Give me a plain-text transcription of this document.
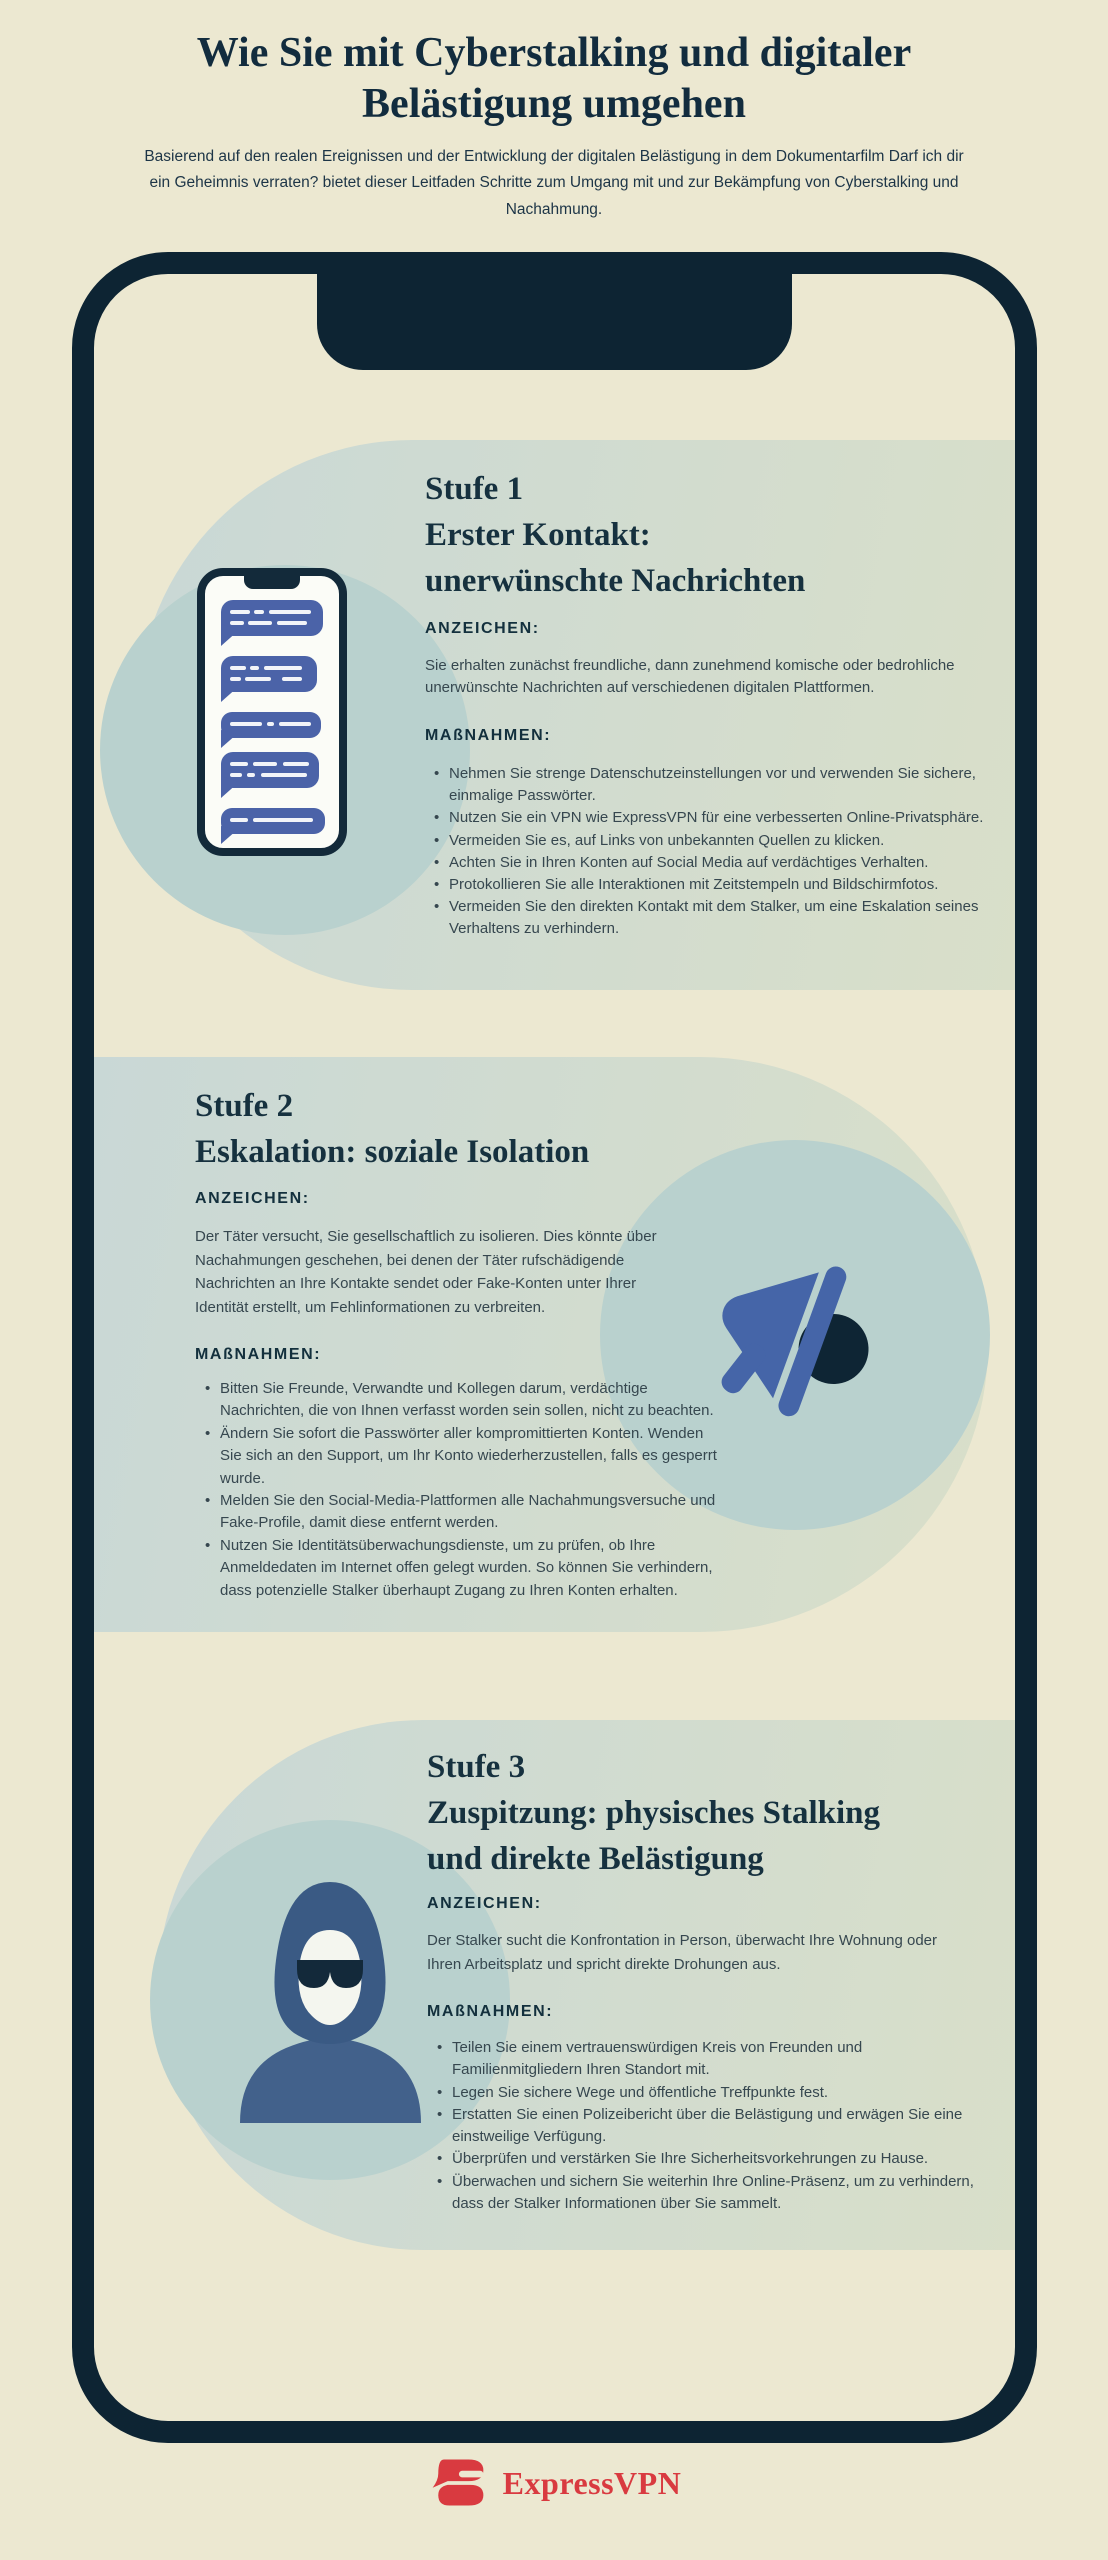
Wie Sie mit Cyberstalking und digitaler Belästigung umgehen
Basierend auf den realen Ereignissen und der Entwicklung der digitalen Belästigung in dem Dokumentarfilm Darf ich dir ein Geheimnis verraten? bietet dieser Leitfaden Schritte zum Umgang mit und zur Bekämpfung von Cyberstalking und Nachahmung.
Stufe 1
Erster Kontakt:
unerwünschte Nachrichten
ANZEICHEN:
Sie erhalten zunächst freundliche, dann zunehmend komische oder bedrohliche unerwünschte Nachrichten auf verschiedenen digitalen Plattformen.
MAßNAHMEN:
• Nehmen Sie strenge Datenschutzeinstellungen vor und verwenden Sie sichere, einmalige Passwörter.
• Nutzen Sie ein VPN wie ExpressVPN für eine verbesserten Online-Privatsphäre.
• Vermeiden Sie es, auf Links von unbekannten Quellen zu klicken.
• Achten Sie in Ihren Konten auf Social Media auf verdächtiges Verhalten.
• Protokollieren Sie alle Interaktionen mit Zeitstempeln und Bildschirmfotos.
• Vermeiden Sie den direkten Kontakt mit dem Stalker, um eine Eskalation seines Verhaltens zu verhindern.
Stufe 2
Eskalation: soziale Isolation
ANZEICHEN:
Der Täter versucht, Sie gesellschaftlich zu isolieren. Dies könnte über Nachahmungen geschehen, bei denen der Täter rufschädigende Nachrichten an Ihre Kontakte sendet oder Fake-Konten unter Ihrer Identität erstellt, um Fehlinformationen zu verbreiten.
MAßNAHMEN:
• Bitten Sie Freunde, Verwandte und Kollegen darum, verdächtige Nachrichten, die von Ihnen verfasst worden sein sollen, nicht zu beachten.
• Ändern Sie sofort die Passwörter aller kompromittierten Konten. Wenden Sie sich an den Support, um Ihr Konto wiederherzustellen, falls es gesperrt wurde.
• Melden Sie den Social-Media-Plattformen alle Nachahmungsversuche und Fake-Profile, damit diese entfernt werden.
• Nutzen Sie Identitätsüberwachungsdienste, um zu prüfen, ob Ihre Anmeldedaten im Internet offen gelegt wurden. So können Sie verhindern, dass potenzielle Stalker überhaupt Zugang zu Ihren Konten erhalten.
Stufe 3
Zuspitzung: physisches Stalking
und direkte Belästigung
ANZEICHEN:
Der Stalker sucht die Konfrontation in Person, überwacht Ihre Wohnung oder Ihren Arbeitsplatz und spricht direkte Drohungen aus.
MAßNAHMEN:
• Teilen Sie einem vertrauenswürdigen Kreis von Freunden und Familienmitgliedern Ihren Standort mit.
• Legen Sie sichere Wege und öffentliche Treffpunkte fest.
• Erstatten Sie einen Polizeibericht über die Belästigung und erwägen Sie eine einstweilige Verfügung.
• Überprüfen und verstärken Sie Ihre Sicherheitsvorkehrungen zu Hause.
• Überwachen und sichern Sie weiterhin Ihre Online-Präsenz, um zu verhindern, dass der Stalker Informationen über Sie sammelt.
ExpressVPN
